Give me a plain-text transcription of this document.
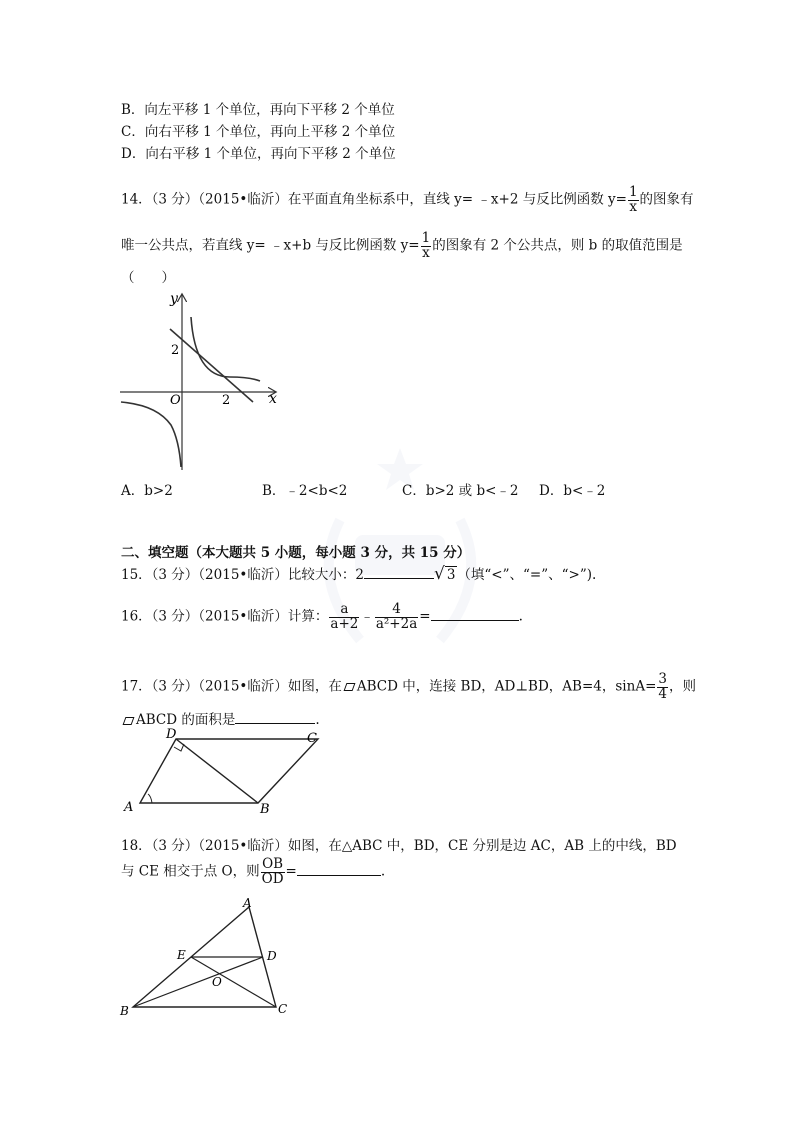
B．向左平移 1 个单位，再向下平移 2 个单位
C．向右平移 1 个单位，再向上平移 2 个单位
D．向右平移 1 个单位，再向下平移 2 个单位
14．（3 分）（2015•临沂）在平面直角坐标系中，直线 y= ﹣x+2 与反比例函数 $y= \frac{1}{x}$ 的图象有
唯一公共点，若直线 y= ﹣x+b 与反比例函数 $y= \frac{1}{x}$ 的图象有 2 个公共点，则 b 的取值范围是
（　　）
y
x
O
2
2
A．b>2	B．﹣2<b<2	C．b>2 或 b<﹣2 D．b<﹣2
二、填空题（本大题共 5 小题，每小题 3 分，共 15 分）
15．（3 分）（2015•临沂）比较大小：2	√ 3 （填“<”、“=”、“>”).
16．（3 分）（2015•临沂）计算： $\frac{a}{a+2}$ ﹣ $\frac{4}{\text{a²+2a}}$ =	.
17．（3 分）（2015•临沂）如图，在 ABCD 中，连接 BD，AD⊥BD，AB=4，$\sin A= \frac{3}{4}$ ，则
ABCD 的面积是	.
A	B
C
D
18．（3 分）（2015•临沂）如图，在△ABC 中，BD，CE 分别是边 AC，AB 上的中线，BD
与 CE 相交于点 O，则 $\frac{OB}{OD}$ =	.
A
B	C
D
E
O
